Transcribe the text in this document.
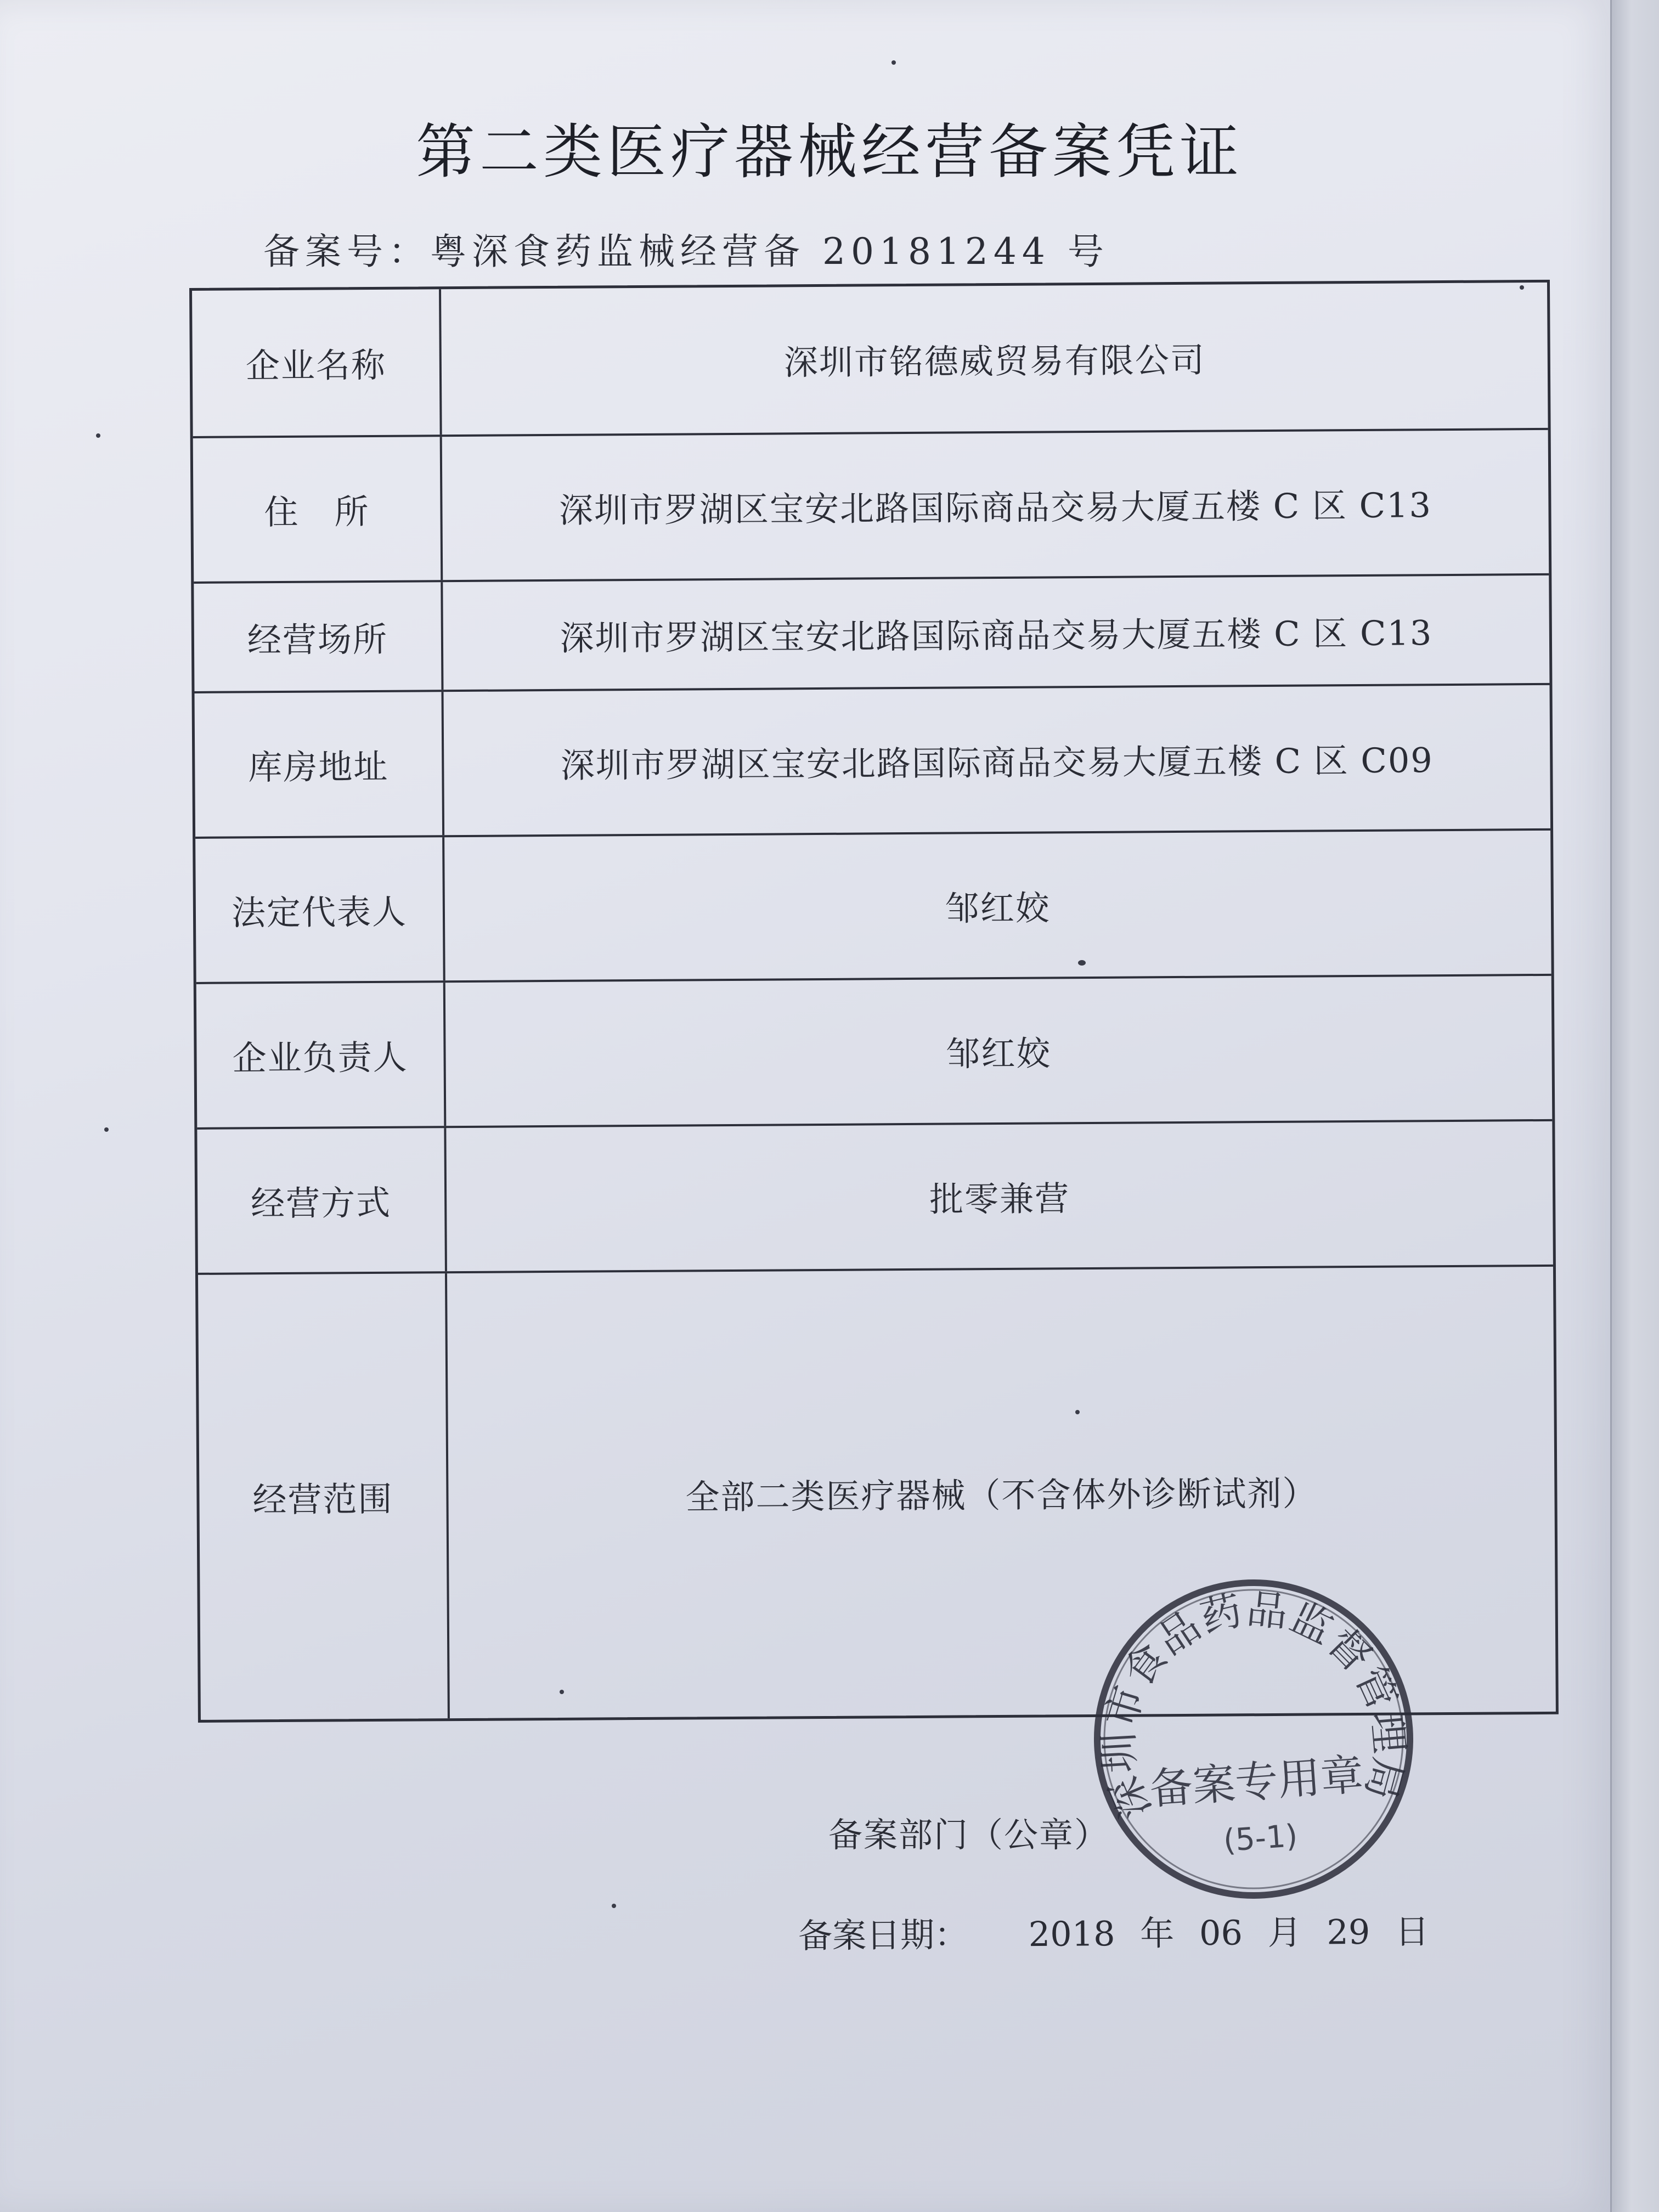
第二类医疗器械经营备案凭证
备案号：粤深食药监械经营备 20181244 号
企业名称	深圳市铭德威贸易有限公司
住　所	深圳市罗湖区宝安北路国际商品交易大厦五楼 C 区 C13
经营场所	深圳市罗湖区宝安北路国际商品交易大厦五楼 C 区 C13
库房地址	深圳市罗湖区宝安北路国际商品交易大厦五楼 C 区 C09
法定代表人	邹红姣
企业负责人	邹红姣
经营方式	批零兼营
经营范围	全部二类医疗器械（不含体外诊断试剂）
备案部门（公章）
备案日期： 2018 年 06 月 29 日
深圳市食品药品监督管理局
备案专用章
(5-1)
